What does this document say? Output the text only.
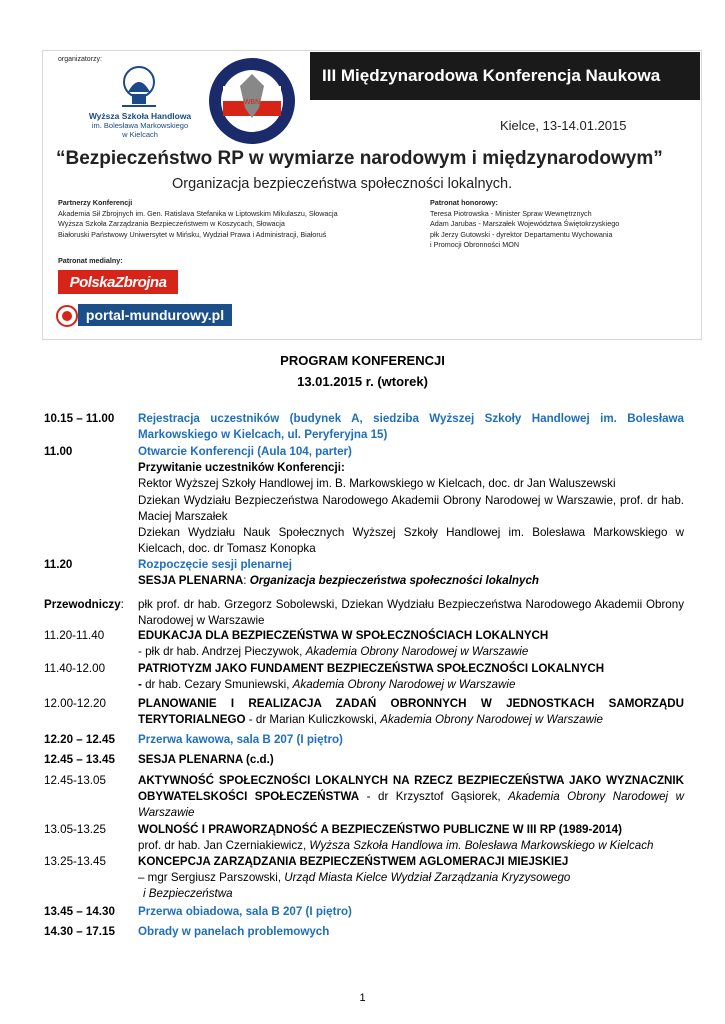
organizatorzy:
Wyższa Szkoła Handlowa
im. Bolesława Markowskiego
w Kielcach
WBN
III Międzynarodowa Konferencja Naukowa
Kielce, 13-14.01.2015
“Bezpieczeństwo RP w wymiarze narodowym i międzynarodowym”
Organizacja bezpieczeństwa społeczności lokalnych.
Partnerzy Konferencji
Akademia Sił Zbrojnych im. Gen. Ratislava Stefanika w Liptowskim Mikulaszu, Słowacja
Wyższa Szkoła Zarządzania Bezpieczeństwem w Koszycach, Słowacja
Białoruski Państwowy Uniwersytet w Mińsku, Wydział Prawa i Administracji, Białoruś
Patronat honorowy:
Teresa Piotrowska - Minister Spraw Wewnętrznych
Adam Jarubas - Marszałek Województwa Świętokrzyskiego
płk Jerzy Gutowski - dyrektor Departamentu Wychowania
i Promocji Obronności MON
Patronat medialny:
PolskaZbrojna
portal-mundurowy.pl
PROGRAM KONFERENCJI
13.01.2015 r. (wtorek)
10.15 – 11.00	Rejestracja uczestników (budynek A, siedziba Wyższej Szkoły Handlowej im. Bolesława Markowskiego w Kielcach, ul. Peryferyjna 15)
11.00	Otwarcie Konferencji (Aula 104, parter)
Przywitanie uczestników Konferencji:
Rektor Wyższej Szkoły Handlowej im. B. Markowskiego w Kielcach, doc. dr Jan Waluszewski
Dziekan Wydziału Bezpieczeństwa Narodowego Akademii Obrony Narodowej w Warszawie, prof. dr hab. Maciej Marszałek
Dziekan Wydziału Nauk Społecznych Wyższej Szkoły Handlowej im. Bolesława Markowskiego w Kielcach, doc. dr Tomasz Konopka
11.20	Rozpoczęcie sesji plenarnej
SESJA PLENARNA: Organizacja bezpieczeństwa społeczności lokalnych
Przewodniczy:	płk prof. dr hab. Grzegorz Sobolewski, Dziekan Wydziału Bezpieczeństwa Narodowego Akademii Obrony Narodowej w Warszawie
11.20-11.40	EDUKACJA DLA BEZPIECZEŃSTWA W SPOŁECZNOŚCIACH LOKALNYCH
- płk dr hab. Andrzej Pieczywok, Akademia Obrony Narodowej w Warszawie
11.40-12.00	PATRIOTYZM JAKO FUNDAMENT BEZPIECZEŃSTWA SPOŁECZNOŚCI LOKALNYCH
- dr hab. Cezary Smuniewski, Akademia Obrony Narodowej w Warszawie
12.00-12.20	PLANOWANIE I REALIZACJA ZADAŃ OBRONNYCH W JEDNOSTKACH SAMORZĄDU TERYTORIALNEGO - dr Marian Kuliczkowski, Akademia Obrony Narodowej w Warszawie
12.20 – 12.45	Przerwa kawowa, sala B 207 (I piętro)
12.45 – 13.45	SESJA PLENARNA (c.d.)
12.45-13.05	AKTYWNOŚĆ SPOŁECZNOŚCI LOKALNYCH NA RZECZ BEZPIECZEŃSTWA JAKO WYZNACZNIK OBYWATELSKOŚCI SPOŁECZEŃSTWA - dr Krzysztof Gąsiorek, Akademia Obrony Narodowej w Warszawie
13.05-13.25	WOLNOŚĆ I PRAWORZĄDNOŚĆ A BEZPIECZEŃSTWO PUBLICZNE W III RP (1989-2014)
prof. dr hab. Jan Czerniakiewicz, Wyższa Szkoła Handlowa im. Bolesława Markowskiego w Kielcach
13.25-13.45	KONCEPCJA ZARZĄDZANIA BEZPIECZEŃSTWEM AGLOMERACJI MIEJSKIEJ
– mgr Sergiusz Parszowski, Urząd Miasta Kielce Wydział Zarządzania Kryzysowego
i Bezpieczeństwa
13.45 – 14.30	Przerwa obiadowa, sala B 207 (I piętro)
14.30 – 17.15	Obrady w panelach problemowych
1
